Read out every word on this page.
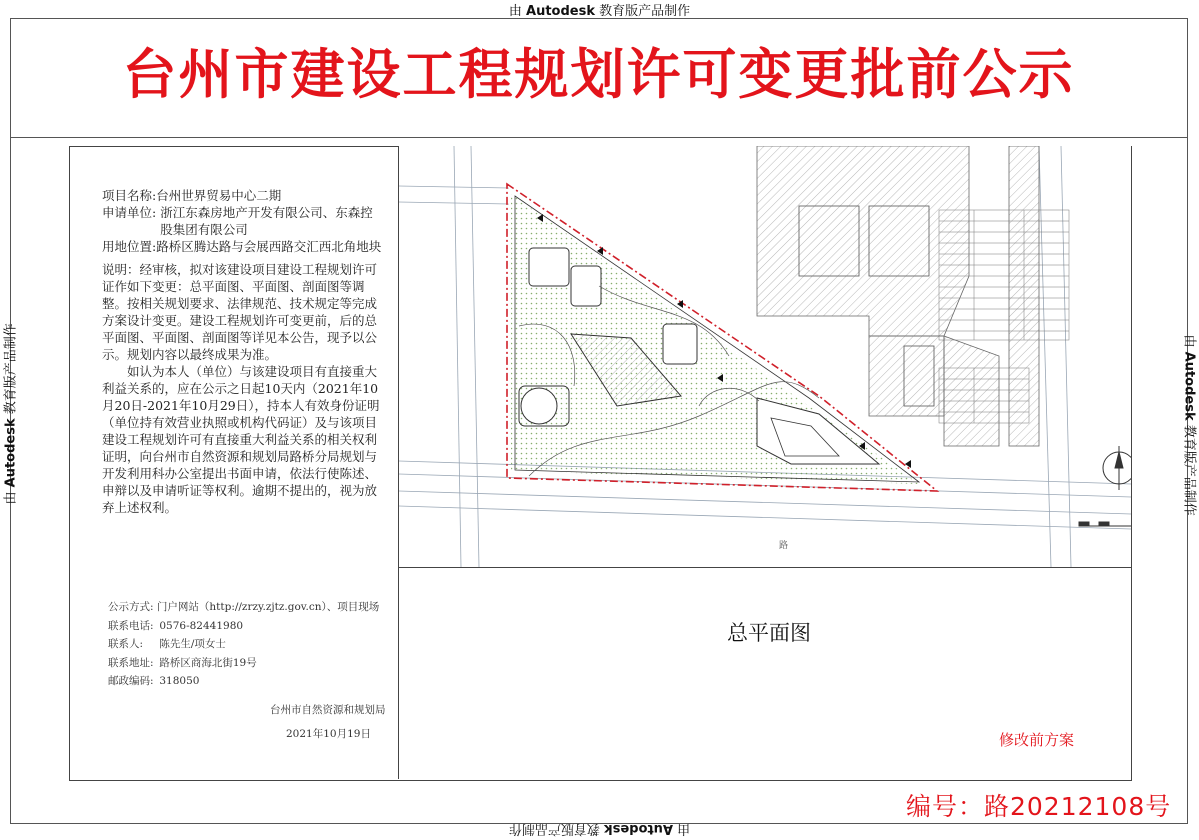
由 Autodesk 教育版产品制作
由 Autodesk 教育版产品制作
由 Autodesk 教育版产品制作	由 Autodesk 教育版产品制作
台州市建设工程规划许可变更批前公示
项目名称: 台州世界贸易中心二期
申请单位: 浙江东森房地产开发有限公司、东森控股集团有限公司
用地位置: 路桥区腾达路与会展西路交汇西北角地块

说明：经审核，拟对该建设项目建设工程规划许可证作如下变更：总平面图、平面图、剖面图等调整。按相关规划要求、法律规范、技术规定等完成方案设计变更。建设工程规划许可变更前，后的总平面图、平面图、剖面图等详见本公告，现予以公示。规划内容以最终成果为准。

如认为本人（单位）与该建设项目有直接重大利益关系的，应在公示之日起10天内（2021年10月20日-2021年10月29日），持本人有效身份证明（单位持有效营业执照或机构代码证）及与该项目建设工程规划许可有直接重大利益关系的相关权利证明，向台州市自然资源和规划局路桥分局规划与开发利用科办公室提出书面申请，依法行使陈述、申辩以及申请听证等权利。逾期不提出的，视为放弃上述权利。

公示方式: 门户网站（http://zrzy.zjtz.gov.cn）、项目现场
联系电话: 0576-82441980
联系人: 陈先生/项女士
联系地址: 路桥区商海北街19号
邮政编码: 318050
台州市自然资源和规划局
2021年10月19日
路
总平面图
修改前方案
编号：路20212108号
